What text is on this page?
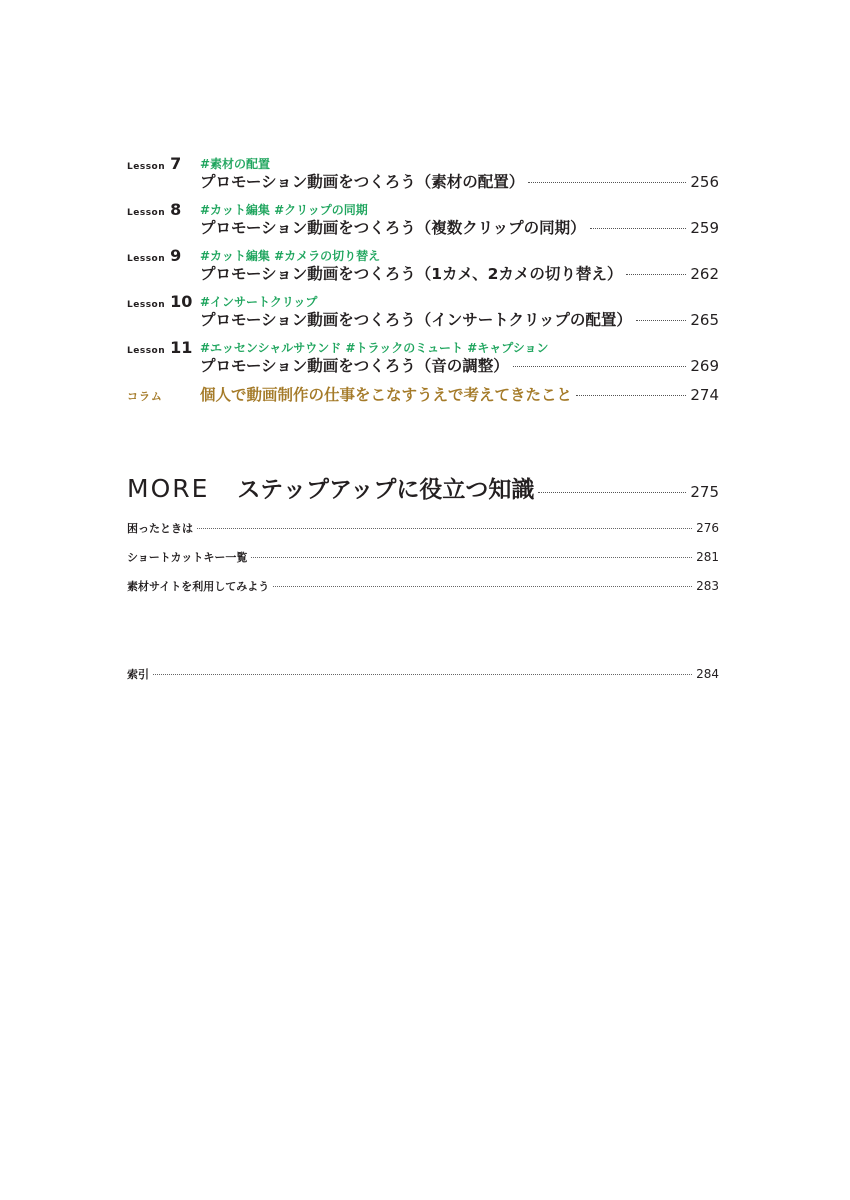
Lesson 7 #素材の配置
プロモーション動画をつくろう（素材の配置）	256
Lesson 8 #カット編集 #クリップの同期
プロモーション動画をつくろう（複数クリップの同期）	259
Lesson 9 #カット編集 #カメラの切り替え
プロモーション動画をつくろう（1カメ、2カメの切り替え）	262
Lesson 10 #インサートクリップ
プロモーション動画をつくろう（インサートクリップの配置）	265
Lesson 11 #エッセンシャルサウンド #トラックのミュート #キャプション
プロモーション動画をつくろう（音の調整）	269
コラム	個人で動画制作の仕事をこなすうえで考えてきたこと	274
MORE ステップアップに役立つ知識	275
困ったときは	276
ショートカットキー一覧	281
素材サイトを利用してみよう	283
索引	284
